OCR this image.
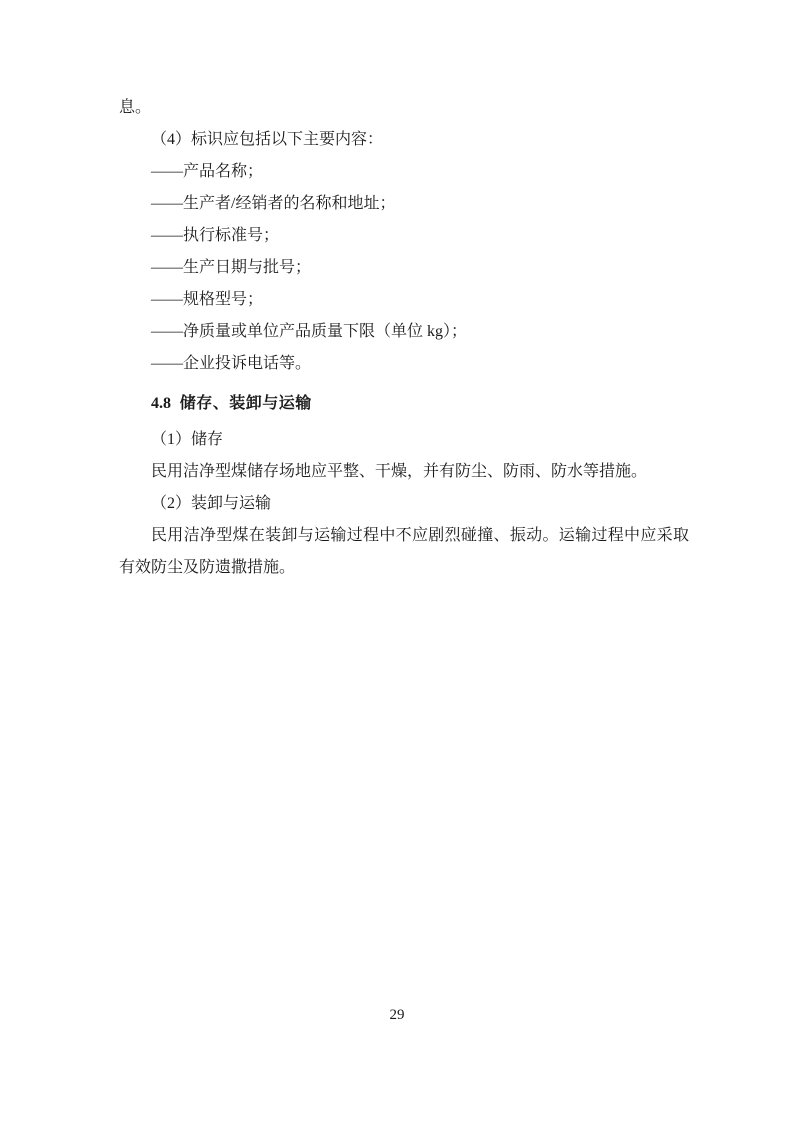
息。

（4）标识应包括以下主要内容：

——产品名称；

——生产者/经销者的名称和地址；

——执行标准号；

——生产日期与批号；

——规格型号；

——净质量或单位产品质量下限（单位 kg）；

——企业投诉电话等。

4.8 储存、装卸与运输

（1）储存

民用洁净型煤储存场地应平整、干燥，并有防尘、防雨、防水等措施。

（2）装卸与运输

民用洁净型煤在装卸与运输过程中不应剧烈碰撞、振动。运输过程中应采取有效防尘及防遗撒措施。

29
